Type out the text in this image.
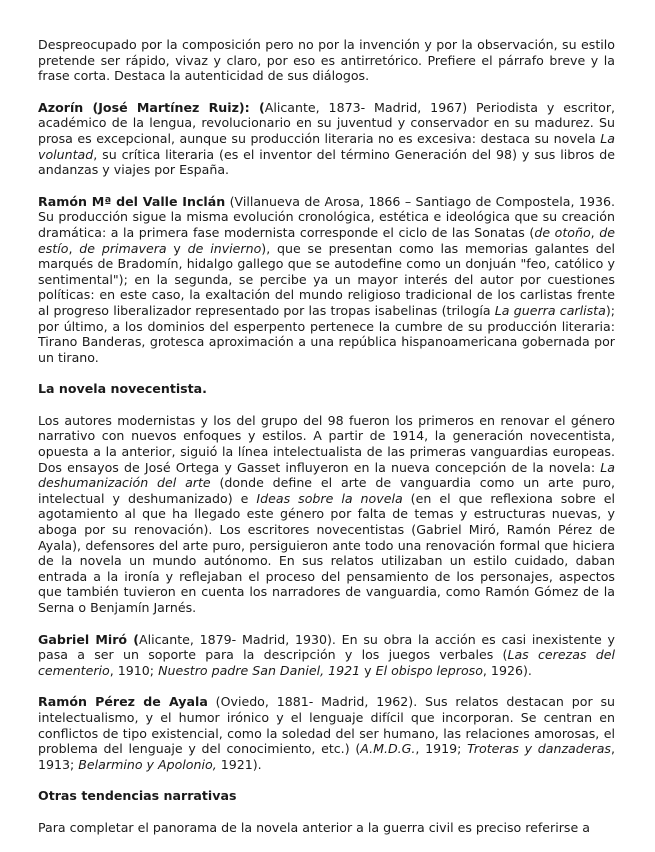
Despreocupado por la composición pero no por la invención y por la observación, su estilo pretende ser rápido, vivaz y claro, por eso es antirretórico. Prefiere el párrafo breve y la frase corta. Destaca la autenticidad de sus diálogos.

Azorín (José Martínez Ruiz): (Alicante, 1873- Madrid, 1967) Periodista y escritor, académico de la lengua, revolucionario en su juventud y conservador en su madurez. Su prosa es excepcional, aunque su producción literaria no es excesiva: destaca su novela La voluntad, su crítica literaria (es el inventor del término Generación del 98) y sus libros de andanzas y viajes por España.

Ramón Mª del Valle Inclán (Villanueva de Arosa, 1866 – Santiago de Compostela, 1936. Su producción sigue la misma evolución cronológica, estética e ideológica que su creación dramática: a la primera fase modernista corresponde el ciclo de las Sonatas (de otoño, de estío, de primavera y de invierno), que se presentan como las memorias galantes del marqués de Bradomín, hidalgo gallego que se autodefine como un donjuán "feo, católico y sentimental"); en la segunda, se percibe ya un mayor interés del autor por cuestiones políticas: en este caso, la exaltación del mundo religioso tradicional de los carlistas frente al progreso liberalizador representado por las tropas isabelinas (trilogía La guerra carlista); por último, a los dominios del esperpento pertenece la cumbre de su producción literaria: Tirano Banderas, grotesca aproximación a una república hispanoamericana gobernada por un tirano.

La novela novecentista.

Los autores modernistas y los del grupo del 98 fueron los primeros en renovar el género narrativo con nuevos enfoques y estilos. A partir de 1914, la generación novecentista, opuesta a la anterior, siguió la línea intelectualista de las primeras vanguardias europeas. Dos ensayos de José Ortega y Gasset influyeron en la nueva concepción de la novela: La deshumanización del arte (donde define el arte de vanguardia como un arte puro, intelectual y deshumanizado) e Ideas sobre la novela (en el que reflexiona sobre el agotamiento al que ha llegado este género por falta de temas y estructuras nuevas, y aboga por su renovación). Los escritores novecentistas (Gabriel Miró, Ramón Pérez de Ayala), defensores del arte puro, persiguieron ante todo una renovación formal que hiciera de la novela un mundo autónomo. En sus relatos utilizaban un estilo cuidado, daban entrada a la ironía y reflejaban el proceso del pensamiento de los personajes, aspectos que también tuvieron en cuenta los narradores de vanguardia, como Ramón Gómez de la Serna o Benjamín Jarnés.

Gabriel Miró (Alicante, 1879- Madrid, 1930). En su obra la acción es casi inexistente y pasa a ser un soporte para la descripción y los juegos verbales (Las cerezas del cementerio, 1910; Nuestro padre San Daniel, 1921 y El obispo leproso, 1926).

Ramón Pérez de Ayala (Oviedo, 1881- Madrid, 1962). Sus relatos destacan por su intelectualismo, y el humor irónico y el lenguaje difícil que incorporan. Se centran en conflictos de tipo existencial, como la soledad del ser humano, las relaciones amorosas, el problema del lenguaje y del conocimiento, etc.) (A.M.D.G., 1919; Troteras y danzaderas, 1913; Belarmino y Apolonio, 1921).

Otras tendencias narrativas

Para completar el panorama de la novela anterior a la guerra civil es preciso referirse a
